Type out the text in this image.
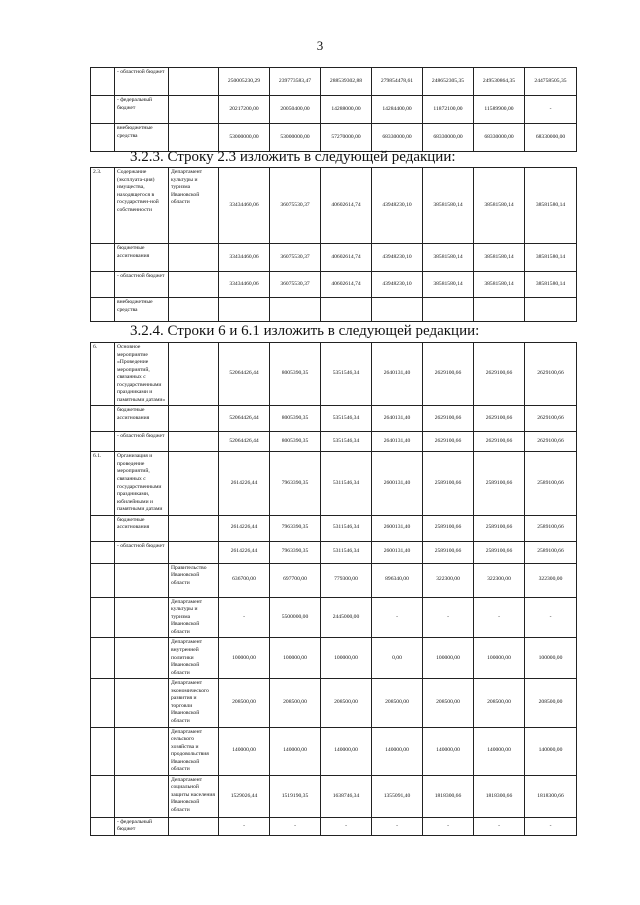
3
	- областной бюджет		250005230,29	239773583,47	288539302,88	279854478,61	248652305,35	249530864,35	244758505,35
	- федеральный бюджет		20217200,00	20050400,00	14288000,00	14284400,00	11872100,00	11589900,00	-
	внебюджетные средства		53000000,00	53000000,00	57270000,00	68330000,00	68330000,00	68330000,00	68330000,00
3.2.3. Строку 2.3 изложить в следующей редакции:
2.3.	Содержание (эксплуата-ция) имущества, находящегося в государствен-ной собственности	Департамент культуры и туризма Ивановской области	33434460,06	36075530,37	40602614,74	43948230,10	38581580,14	38581580,14	38581580,14
	бюджетные ассигнования		33434460,06	36075530,37	40602614,74	43948230,10	38581580,14	38581580,14	38581580,14
	- областной бюджет		33434460,06	36075530,37	40602614,74	43948230,10	38581580,14	38581580,14	38581580,14
	внебюджетные средства								
3.2.4. Строки 6 и 6.1 изложить в следующей редакции:
6.	Основное мероприятие «Проведение мероприятий, связанных с государственными праздниками и памятными датами»		52064426,44	8005390,35	5351546,34	2640131,40	2629100,66	2629100,66	2629100,66
	бюджетные ассигнования		52064426,44	8005390,35	5351546,34	2640131,40	2629100,66	2629100,66	2629100,66
	- областной бюджет		52064426,44	8005390,35	5351546,34	2640131,40	2629100,66	2629100,66	2629100,66
6.1.	Организация и проведение мероприятий, связанных с государственными праздниками, юбилейными и памятными датами		2614226,44	7963390,35	5311546,34	2600131,40	2589100,66	2589100,66	2589100,66
	бюджетные ассигнования		2614226,44	7963390,35	5311546,34	2600131,40	2589100,66	2589100,66	2589100,66
	- областной бюджет		2614226,44	7963390,35	5311546,34	2600131,40	2589100,66	2589100,66	2589100,66
		Правительство Ивановской области	636700,00	697700,00	779300,00	896340,00	322300,00	322300,00	322300,00
		Департамент культуры и туризма Ивановской области	-	5500000,00	2445000,00	-	-	-	-
		Департамент внутренней политики Ивановской области	100000,00	100000,00	100000,00	0,00	100000,00	100000,00	100000,00
		Департамент экономического развития и торговли Ивановской области	208500,00	208500,00	208500,00	208500,00	208500,00	208500,00	208500,00
		Департамент сельского хозяйства и продовольствия Ивановской области	140000,00	140000,00	140000,00	140000,00	140000,00	140000,00	140000,00
		Департамент социальной защиты населения Ивановской области	1529026,44	1519190,35	1638746,34	1355091,40	1818300,66	1818300,66	1818300,66
	- федеральный бюджет		-	-	-	-	-	-	-
